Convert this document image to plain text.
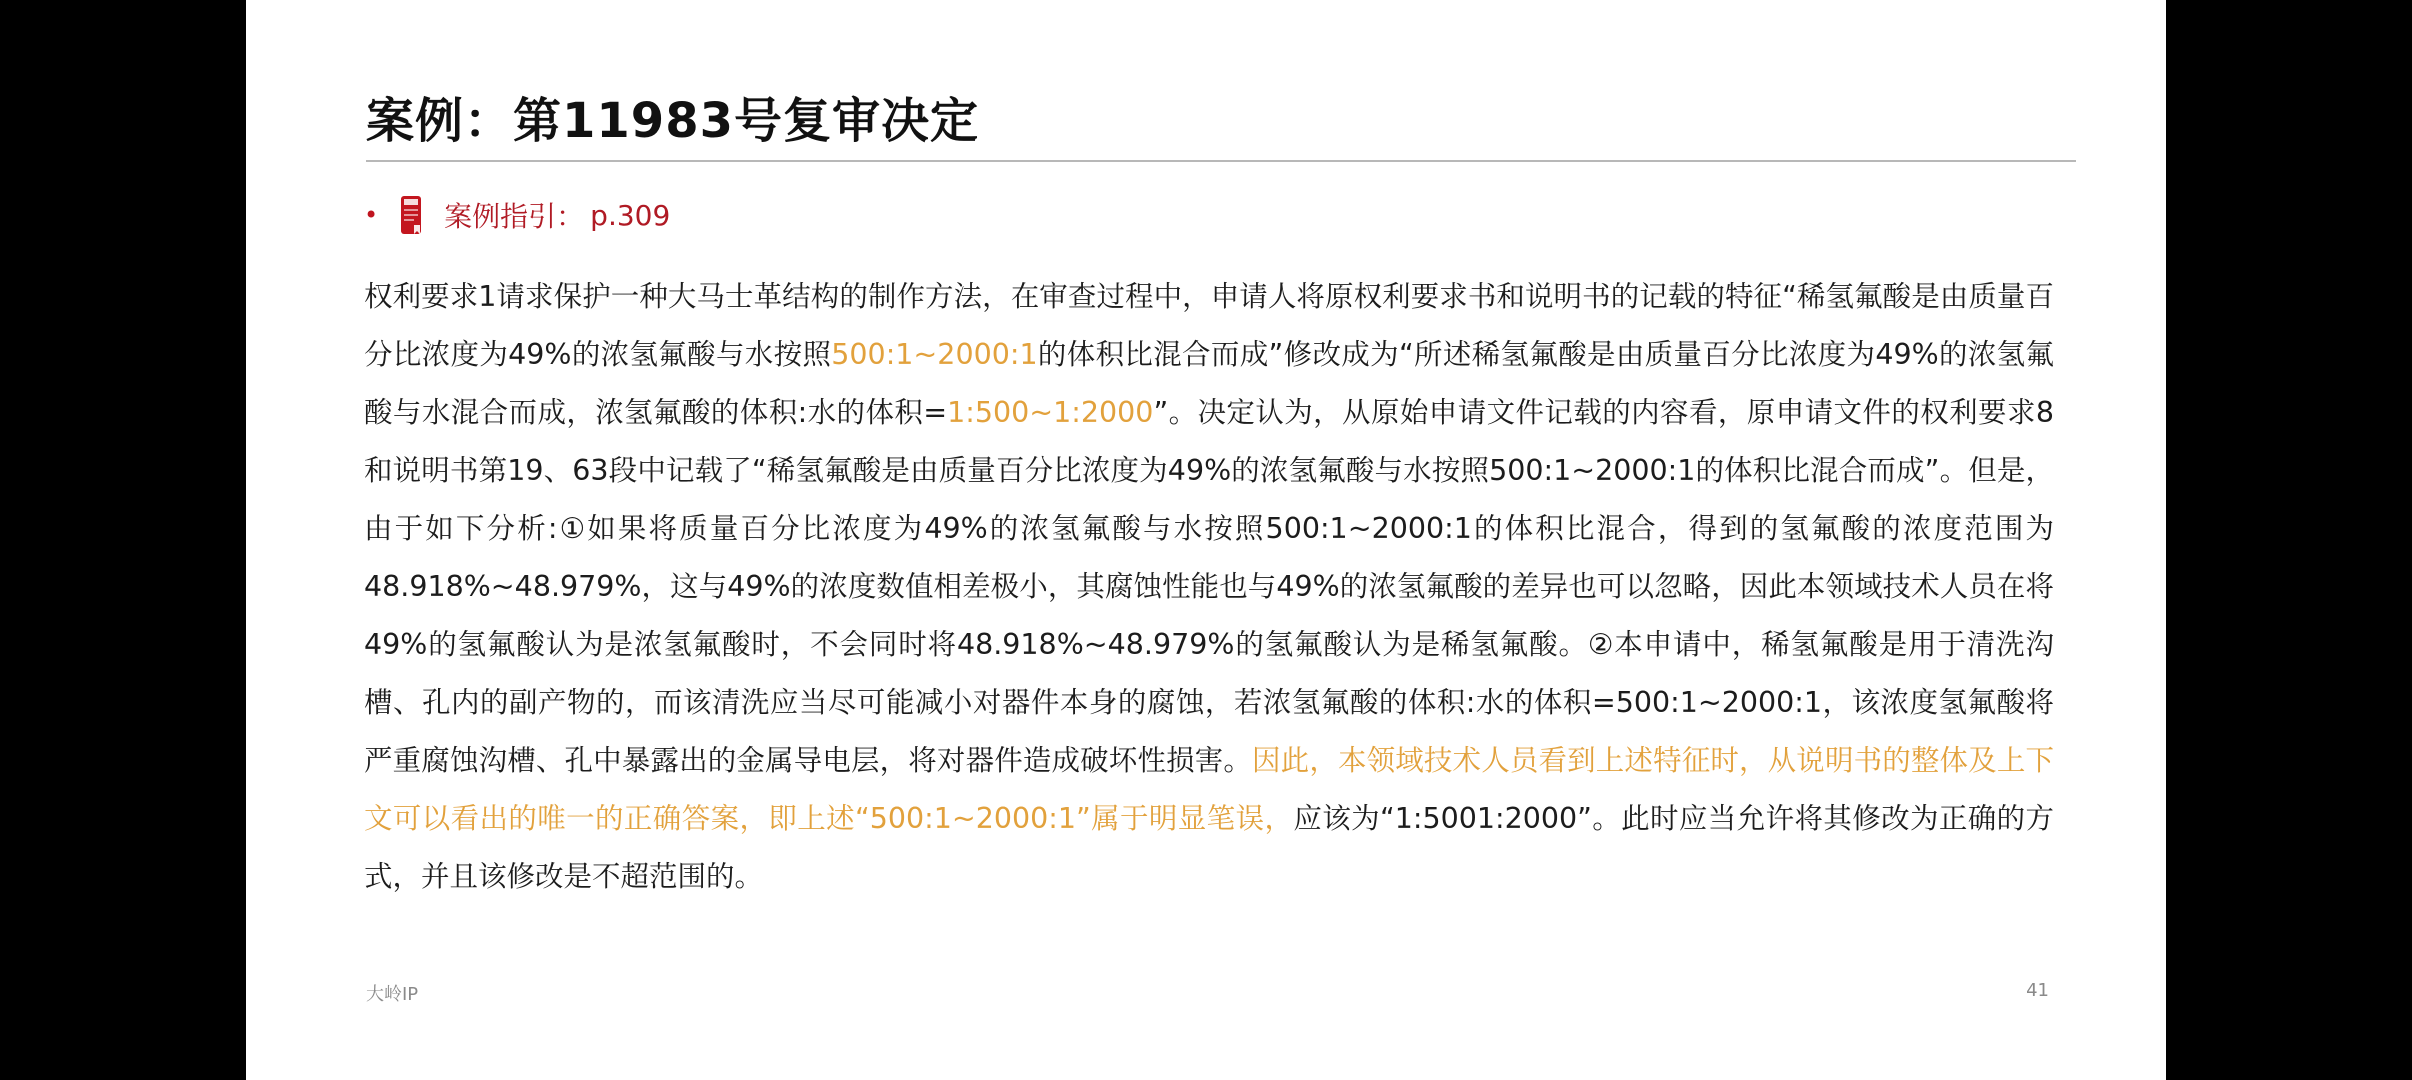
案例：第11983号复审决定
• 案例指引： p.309

权利要求1请求保护一种大马士革结构的制作方法，在审查过程中，申请人将原权利要求书和说明书的记载的特征“稀氢氟酸是由质量百分比浓度为49%的浓氢氟酸与水按照500:1~2000:1的体积比混合而成”修改成为“所述稀氢氟酸是由质量百分比浓度为49%的浓氢氟酸与水混合而成，浓氢氟酸的体积:水的体积=1:500~1:2000”。决定认为，从原始申请文件记载的内容看，原申请文件的权利要求8和说明书第19、63段中记载了“稀氢氟酸是由质量百分比浓度为49%的浓氢氟酸与水按照500:1~2000:1的体积比混合而成”。但是，由于如下分析:①如果将质量百分比浓度为49%的浓氢氟酸与水按照500:1~2000:1的体积比混合，得到的氢氟酸的浓度范围为48.918%~48.979%，这与49%的浓度数值相差极小，其腐蚀性能也与49%的浓氢氟酸的差异也可以忽略，因此本领域技术人员在将49%的氢氟酸认为是浓氢氟酸时，不会同时将48.918%~48.979%的氢氟酸认为是稀氢氟酸。②本申请中，稀氢氟酸是用于清洗沟槽、孔内的副产物的，而该清洗应当尽可能减小对器件本身的腐蚀，若浓氢氟酸的体积:水的体积=500:1~2000:1，该浓度氢氟酸将严重腐蚀沟槽、孔中暴露出的金属导电层，将对器件造成破坏性损害。因此，本领域技术人员看到上述特征时，从说明书的整体及上下文可以看出的唯一的正确答案，即上述“500:1~2000:1”属于明显笔误，应该为“1:5001:2000”。此时应当允许将其修改为正确的方式，并且该修改是不超范围的。

大岭IP	41
